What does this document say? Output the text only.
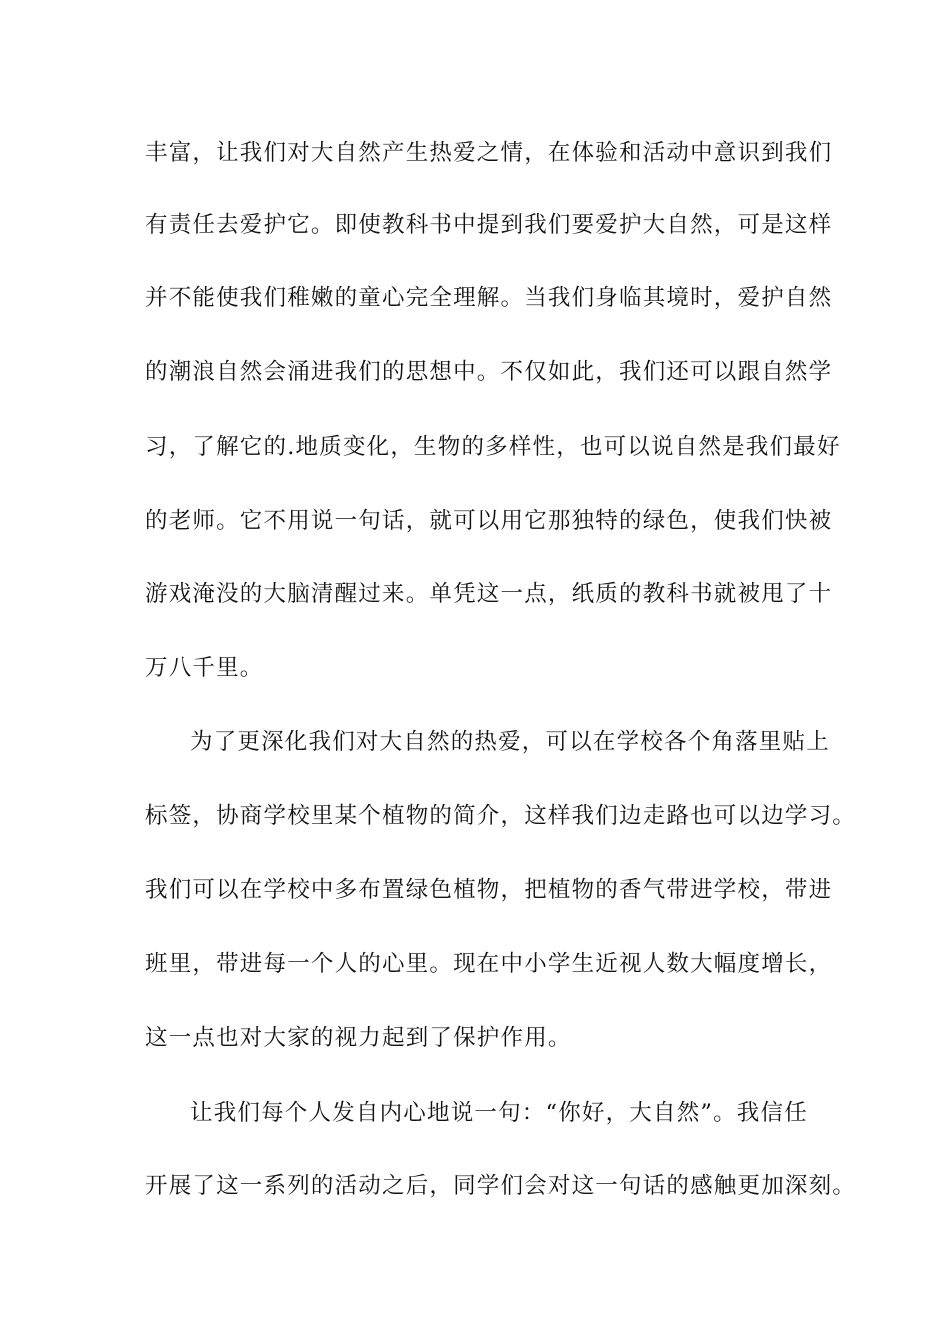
丰富，让我们对大自然产生热爱之情，在体验和活动中意识到我们
有责任去爱护它。即使教科书中提到我们要爱护大自然，可是这样
并不能使我们稚嫩的童心完全理解。当我们身临其境时，爱护自然
的潮浪自然会涌进我们的思想中。不仅如此，我们还可以跟自然学
习，了解它的.地质变化，生物的多样性，也可以说自然是我们最好
的老师。它不用说一句话，就可以用它那独特的绿色，使我们快被
游戏淹没的大脑清醒过来。单凭这一点，纸质的教科书就被甩了十
万八千里。
为了更深化我们对大自然的热爱，可以在学校各个角落里贴上
标签，协商学校里某个植物的简介，这样我们边走路也可以边学习。
我们可以在学校中多布置绿色植物，把植物的香气带进学校，带进
班里，带进每一个人的心里。现在中小学生近视人数大幅度增长，
这一点也对大家的视力起到了保护作用。
让我们每个人发自内心地说一句：“你好，大自然”。我信任
开展了这一系列的活动之后，同学们会对这一句话的感触更加深刻。
